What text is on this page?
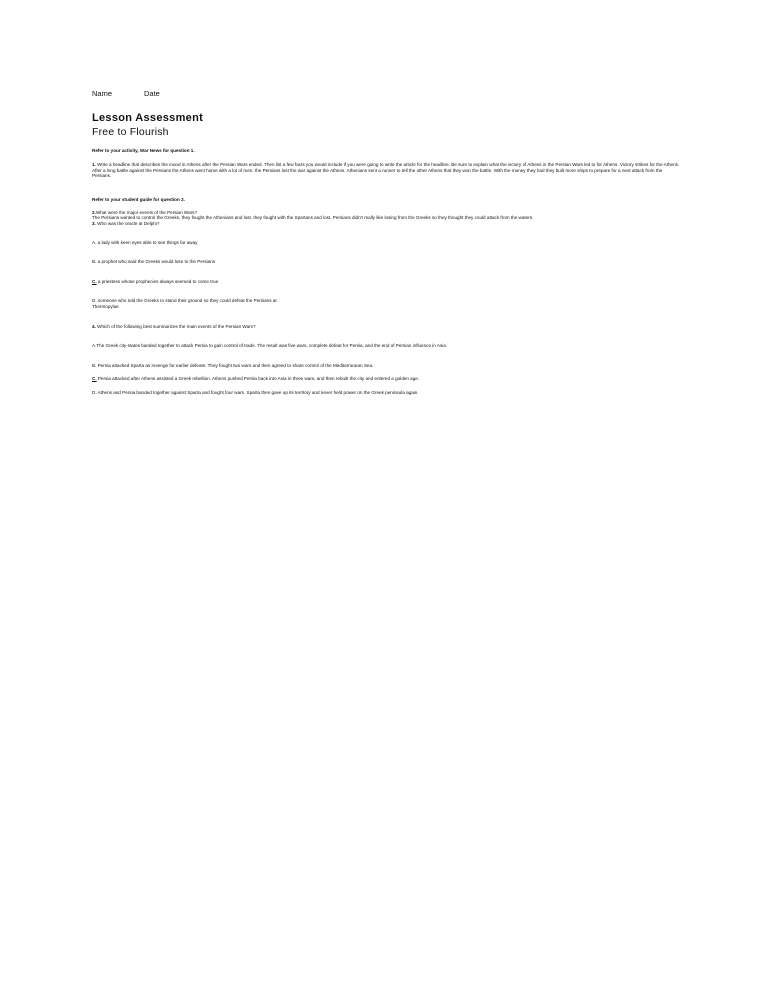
Name	Date
Lesson Assessment
Free to Flourish

Refer to your activity, War News for question 1.

1. Write a headline that describes the mood in Athens after the Persian Wars ended. Then list a few facts you would include if you were going to write the article for the headline. Be sure to explain what the victory of Athens in the Persian Wars led to for Athens. Victory strikes for the Athens. After a long battle against the Persians the Athens went home with a lot of men, the Persians lost the war against the Athens. Athenians sent a runner to tell the other Athens that they won the battle. With the money they had they built more ships to prepare for a next attack from the Persians.

Refer to your student guide for question 2.

2.What were the major events of the Persian Wars?

The Persians wanted to control the Greeks, they fought the Athenians and lost, they fought with the Spartans and lost. Persians didn't really like losing from the Greeks so they thought they could attack from the waters.

3. Who was the oracle at Delphi?

A. a lady with keen eyes able to see things far away

B. a prophet who said the Greeks would lose to the Persians

C. a priestess whose prophecies always seemed to come true

D. someone who told the Greeks to stand their ground so they could defeat the Persians at
Thermopylae

4. Which of the following best summarizes the main events of the Persian Wars?

A.The Greek city-states banded together to attack Persia to gain control of trade. The result was five wars, complete defeat for Persia, and the end of Persian influence in Asia.

B. Persia attacked Sparta as revenge for earlier defeats. They fought two wars and then agreed to share control of the Mediterranean Sea.

C. Persia attacked after Athens assisted a Greek rebellion. Athens pushed Persia back into Asia in three wars, and then rebuilt the city and entered a golden age.

D. Athens and Persia banded together against Sparta and fought four wars. Sparta then gave up its territory and never held power on the Greek peninsula again.
